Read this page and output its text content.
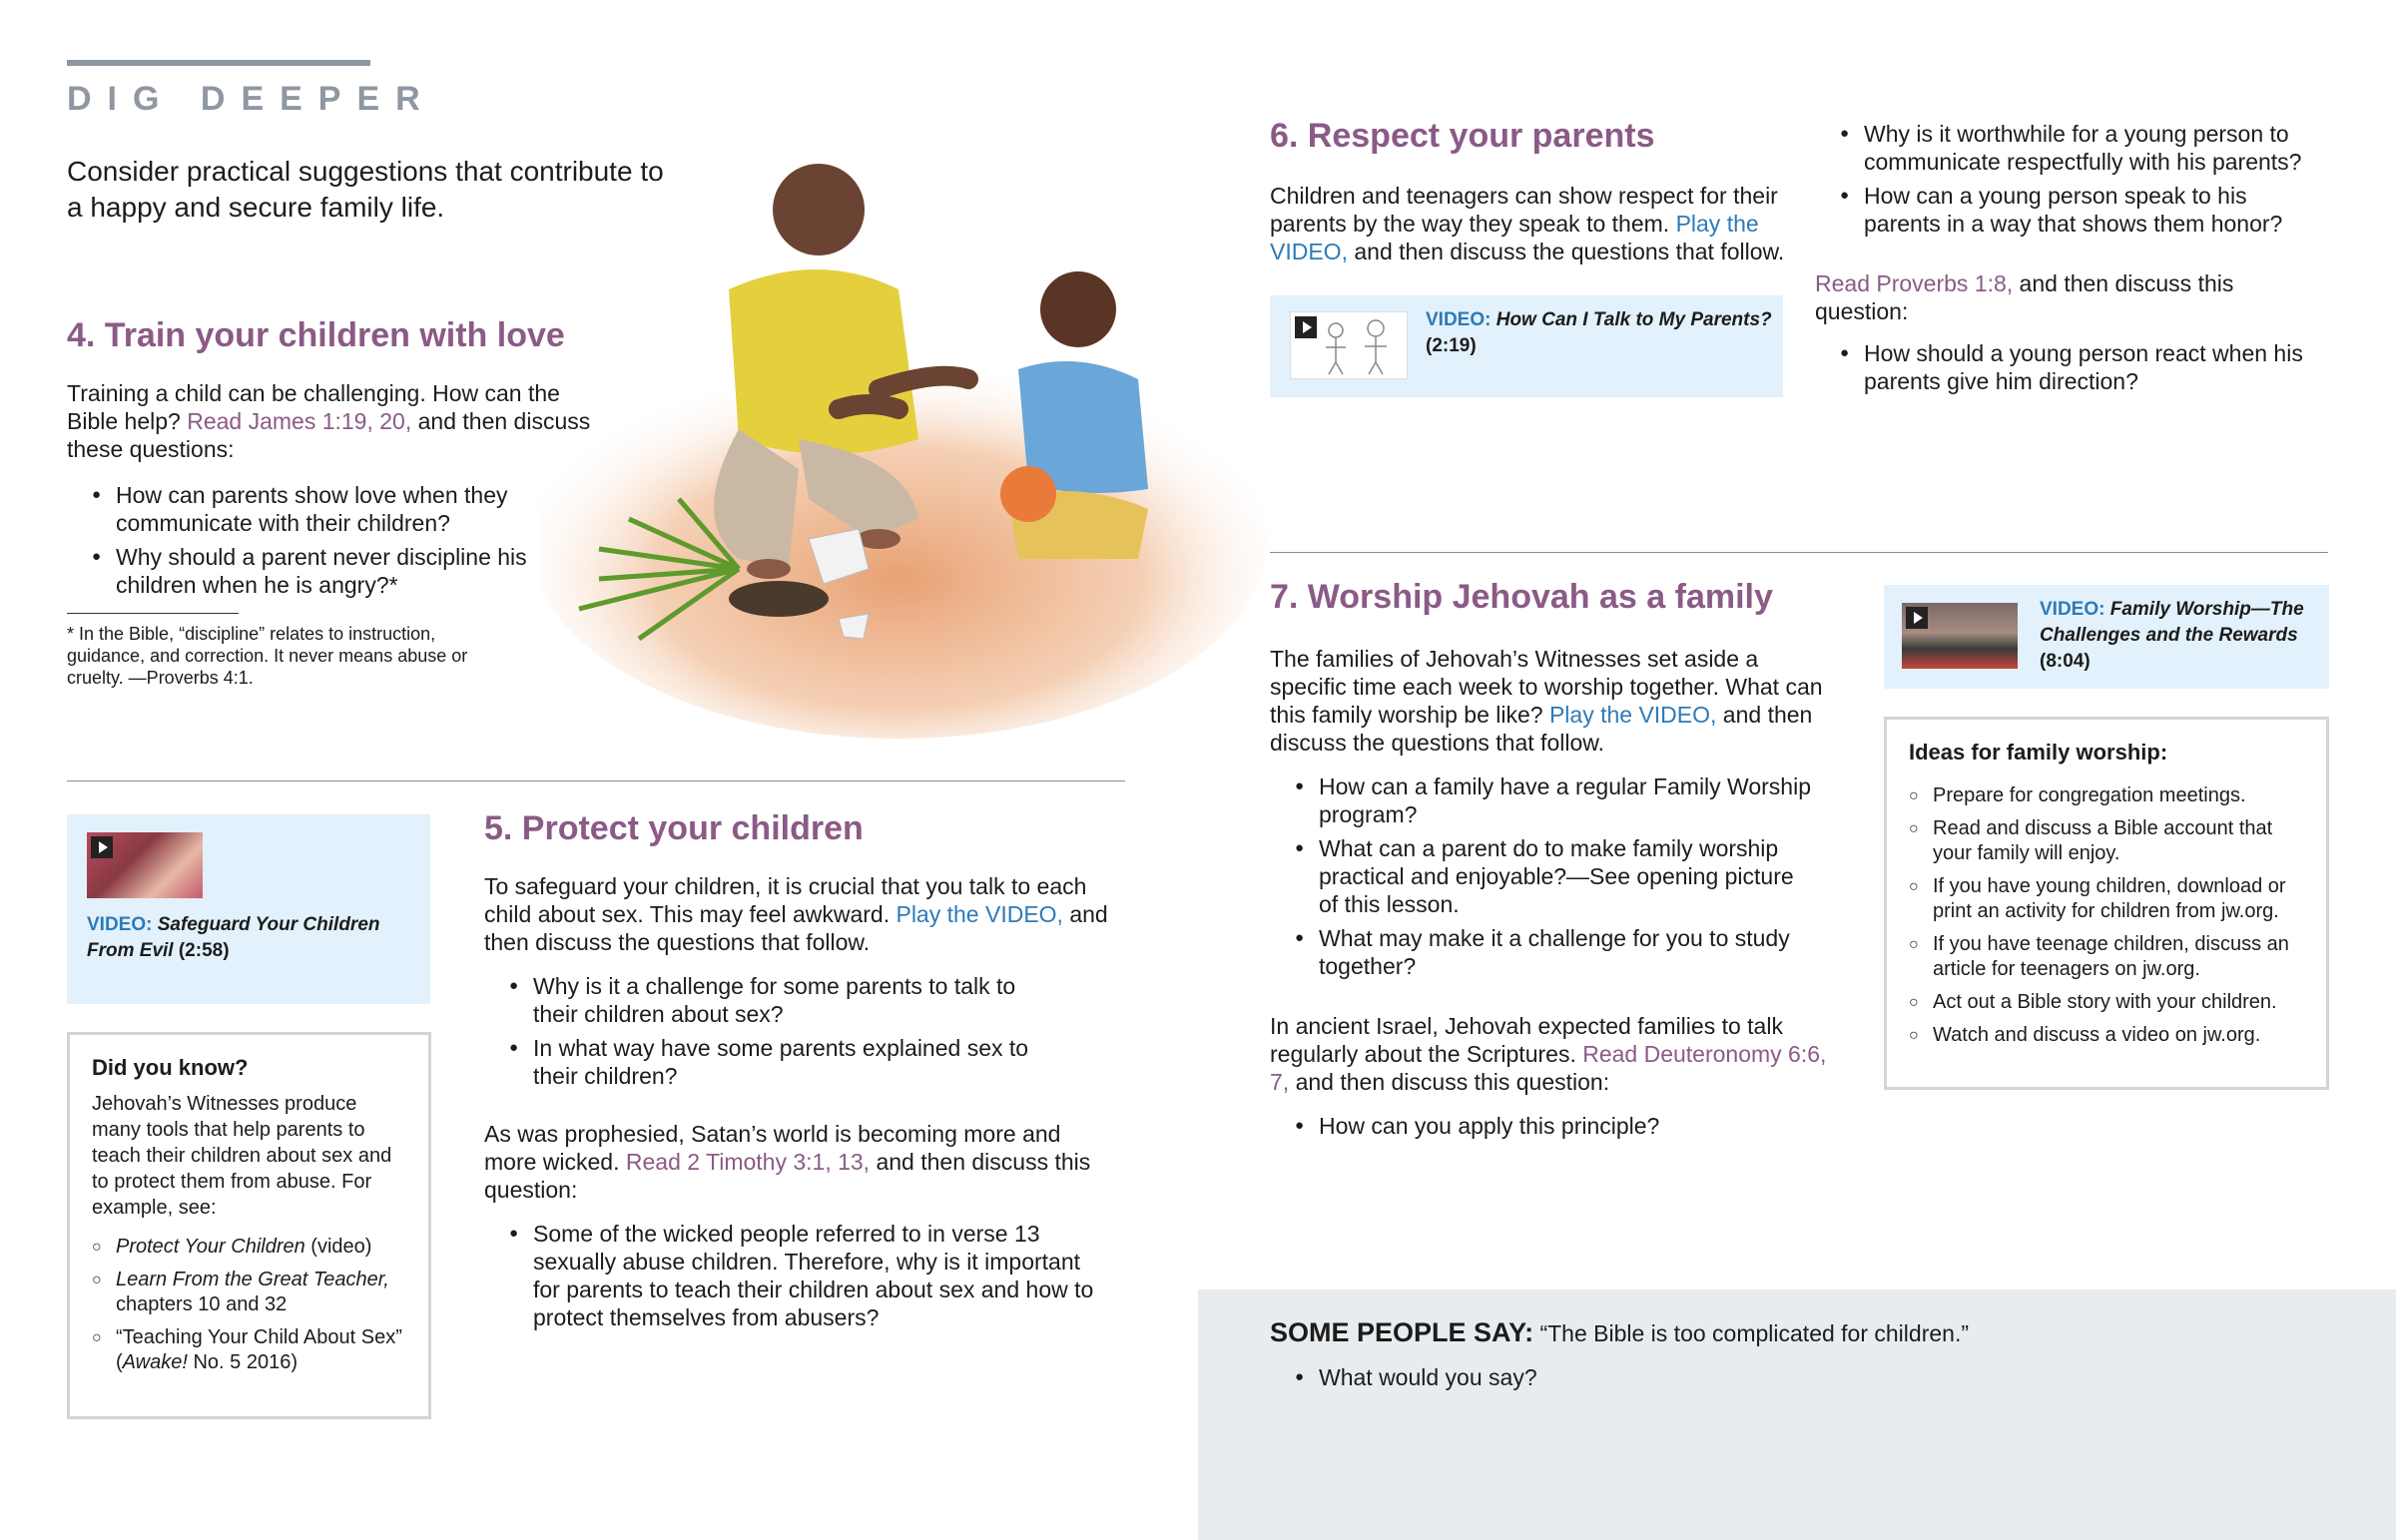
DIG DEEPER

Consider practical suggestions that contribute to a happy and secure family life.

4. Train your children with love

Training a child can be challenging. How can the Bible help? Read James 1:19, 20, and then discuss these questions:

● How can parents show love when they communicate with their children?
● Why should a parent never discipline his children when he is angry?*

* In the Bible, “discipline” relates to instruction, guidance, and correction. It never means abuse or cruelty. —Proverbs 4:1.

VIDEO: Safeguard Your Children From Evil (2:58)

Did you know?

Jehovah’s Witnesses produce many tools that help parents to teach their children about sex and to protect them from abuse. For example, see:

○ Protect Your Children (video)
○ Learn From the Great Teacher, chapters 10 and 32
○ “Teaching Your Child About Sex” (Awake! No. 5 2016)
5. Protect your children

To safeguard your children, it is crucial that you talk to each child about sex. This may feel awkward. Play the VIDEO, and then discuss the questions that follow.

● Why is it a challenge for some parents to talk to their children about sex?
● In what way have some parents explained sex to their children?

As was prophesied, Satan’s world is becoming more and more wicked. Read 2 Timothy 3:1, 13, and then discuss this question:

● Some of the wicked people referred to in verse 13 sexually abuse children. Therefore, why is it important for parents to teach their children about sex and how to protect themselves from abusers?
6. Respect your parents

Children and teenagers can show respect for their parents by the way they speak to them. Play the VIDEO, and then discuss the questions that follow.

VIDEO: How Can I Talk to My Parents?
(2:19)
● Why is it worthwhile for a young person to communicate respectfully with his parents?
● How can a young person speak to his parents in a way that shows them honor?

Read Proverbs 1:8, and then discuss this question:

● How should a young person react when his parents give him direction?
7. Worship Jehovah as a family

The families of Jehovah’s Witnesses set aside a specific time each week to worship together. What can this family worship be like? Play the VIDEO, and then discuss the questions that follow.

● How can a family have a regular Family Worship program?
● What can a parent do to make family worship practical and enjoyable?—See opening picture of this lesson.
● What may make it a challenge for you to study together?

In ancient Israel, Jehovah expected families to talk regularly about the Scriptures. Read Deuteronomy 6:6, 7, and then discuss this question:

● How can you apply this principle?
VIDEO: Family Worship—The Challenges and the Rewards
(8:04)

Ideas for family worship:

○ Prepare for congregation meetings.
○ Read and discuss a Bible account that your family will enjoy.
○ If you have young children, download or print an activity for children from jw.org.
○ If you have teenage children, discuss an article for teenagers on jw.org.
○ Act out a Bible story with your children.
○ Watch and discuss a video on jw.org.

SOME PEOPLE SAY: “The Bible is too complicated for children.”

● What would you say?
